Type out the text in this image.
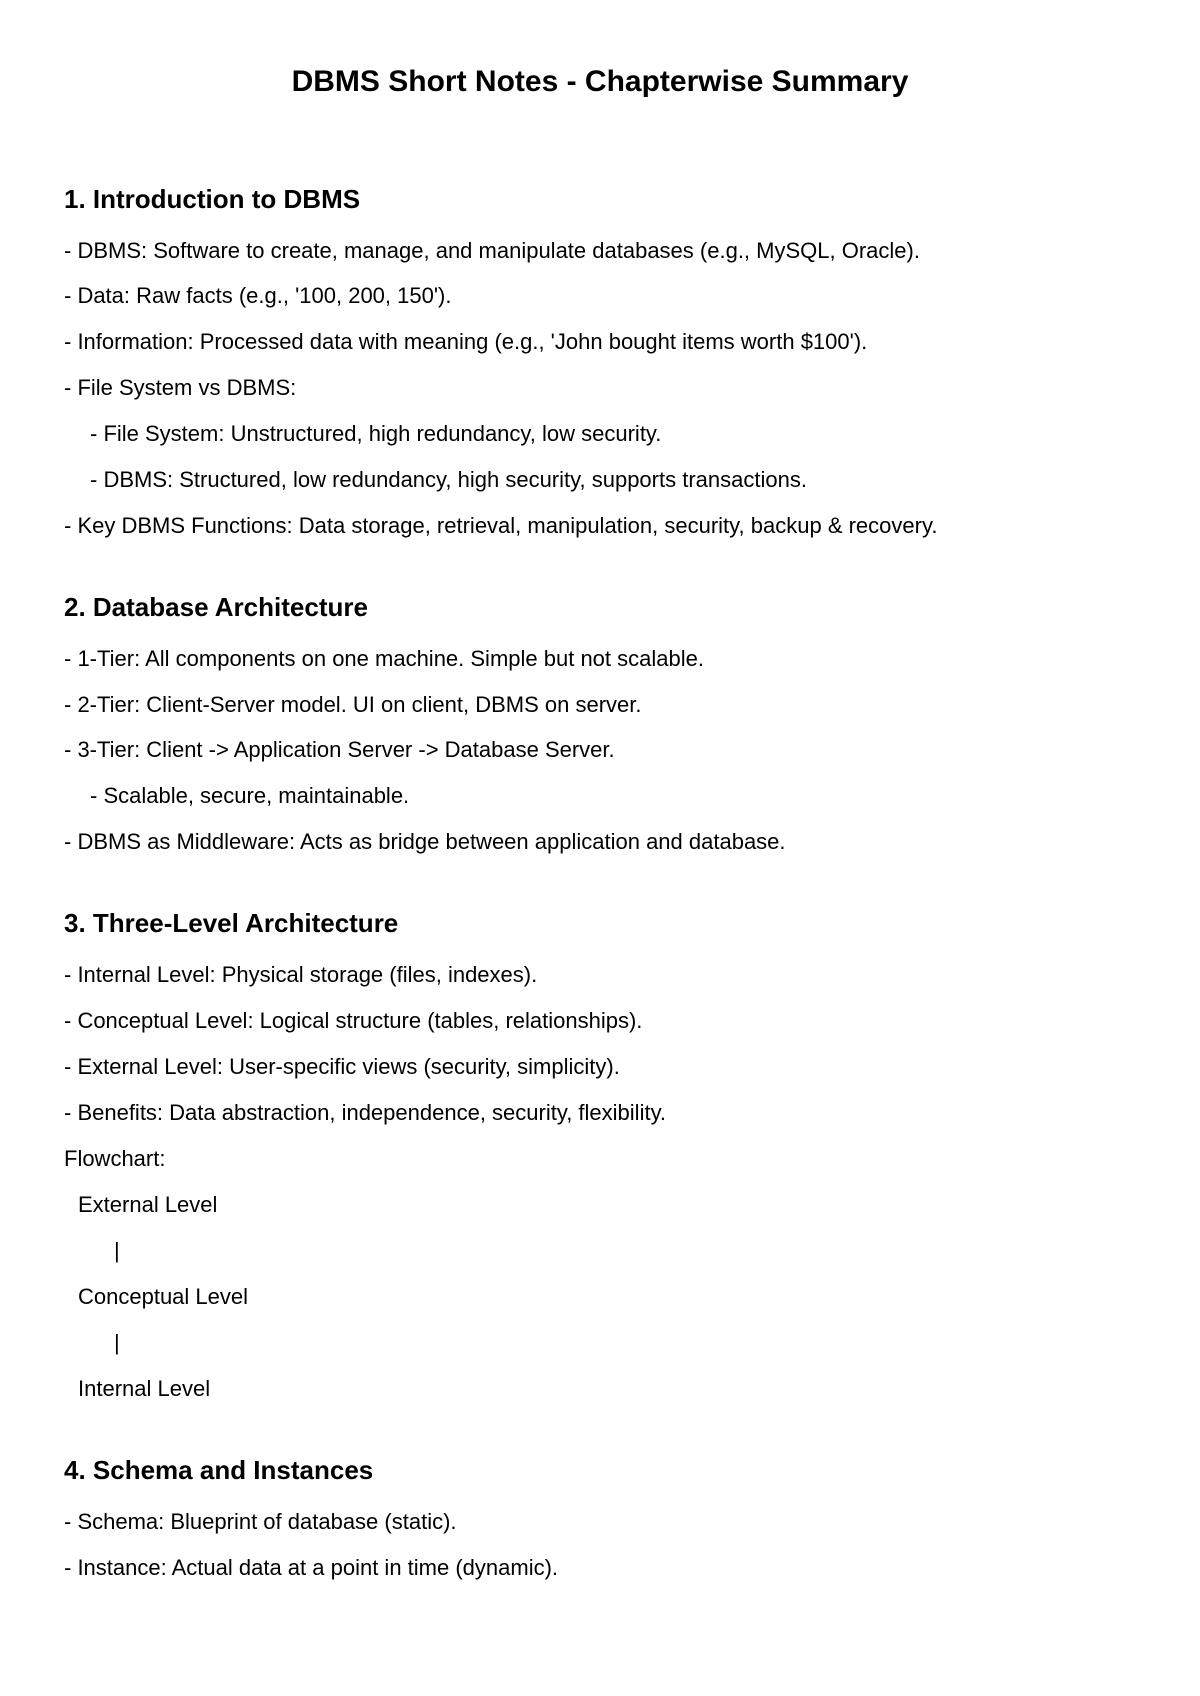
DBMS Short Notes - Chapterwise Summary
1. Introduction to DBMS
- DBMS: Software to create, manage, and manipulate databases (e.g., MySQL, Oracle).
- Data: Raw facts (e.g., '100, 200, 150').
- Information: Processed data with meaning (e.g., 'John bought items worth $100').
- File System vs DBMS:
- File System: Unstructured, high redundancy, low security.
- DBMS: Structured, low redundancy, high security, supports transactions.
- Key DBMS Functions: Data storage, retrieval, manipulation, security, backup & recovery.
2. Database Architecture
- 1-Tier: All components on one machine. Simple but not scalable.
- 2-Tier: Client-Server model. UI on client, DBMS on server.
- 3-Tier: Client -> Application Server -> Database Server.
- Scalable, secure, maintainable.
- DBMS as Middleware: Acts as bridge between application and database.
3. Three-Level Architecture
- Internal Level: Physical storage (files, indexes).
- Conceptual Level: Logical structure (tables, relationships).
- External Level: User-specific views (security, simplicity).
- Benefits: Data abstraction, independence, security, flexibility.
Flowchart:
External Level
|
Conceptual Level
|
Internal Level
4. Schema and Instances
- Schema: Blueprint of database (static).
- Instance: Actual data at a point in time (dynamic).
